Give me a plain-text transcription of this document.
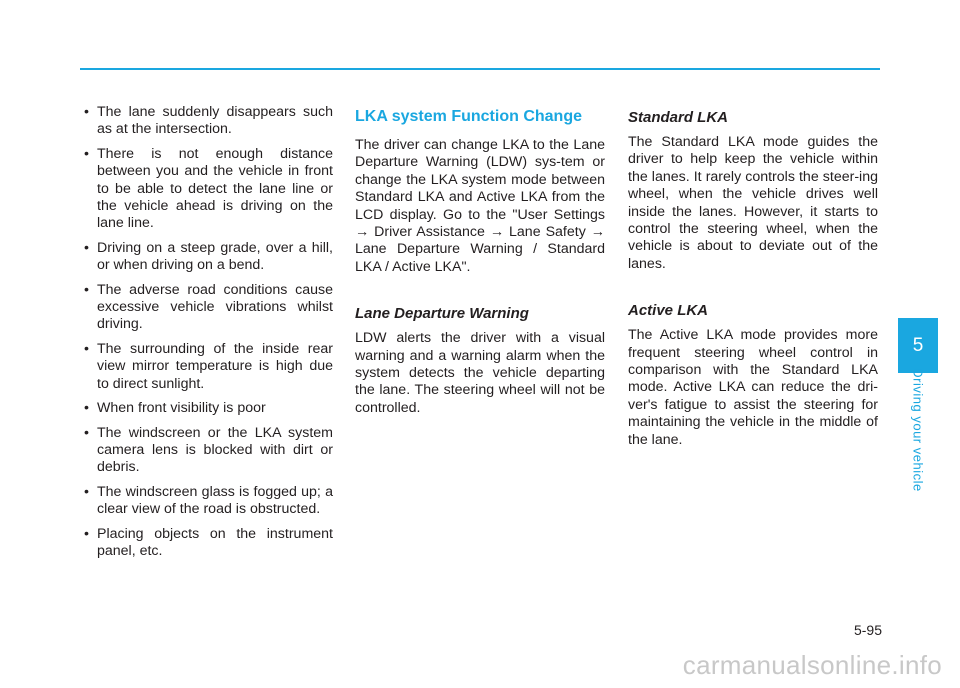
• The lane suddenly disappears such as at the intersection.
• There is not enough distance between you and the vehicle in front to be able to detect the lane line or the vehicle ahead is driving on the lane line.
• Driving on a steep grade, over a hill, or when driving on a bend.
• The adverse road conditions cause excessive vehicle vibrations whilst driving.
• The surrounding of the inside rear view mirror temperature is high due to direct sunlight.
• When front visibility is poor
• The windscreen or the LKA system camera lens is blocked with dirt or debris.
• The windscreen glass is fogged up; a clear view of the road is obstructed.
• Placing objects on the instrument panel, etc.
LKA system Function Change

The driver can change LKA to the Lane Departure Warning (LDW) sys-tem or change the LKA system mode between Standard LKA and Active LKA from the LCD display. Go to the "User Settings → Driver Assistance → Lane Safety → Lane Departure Warning / Standard LKA / Active LKA".

Lane Departure Warning

LDW alerts the driver with a visual warning and a warning alarm when the system detects the vehicle departing the lane. The steering wheel will not be controlled.

Standard LKA

The Standard LKA mode guides the driver to help keep the vehicle within the lanes. It rarely controls the steer-ing wheel, when the vehicle drives well inside the lanes. However, it starts to control the steering wheel, when the vehicle is about to deviate out of the lanes.

Active LKA

The Active LKA mode provides more frequent steering wheel control in comparison with the Standard LKA mode. Active LKA can reduce the dri-ver's fatigue to assist the steering for maintaining the vehicle in the middle of the lane.

5
Driving your vehicle
5-95
carmanualsonline.info
